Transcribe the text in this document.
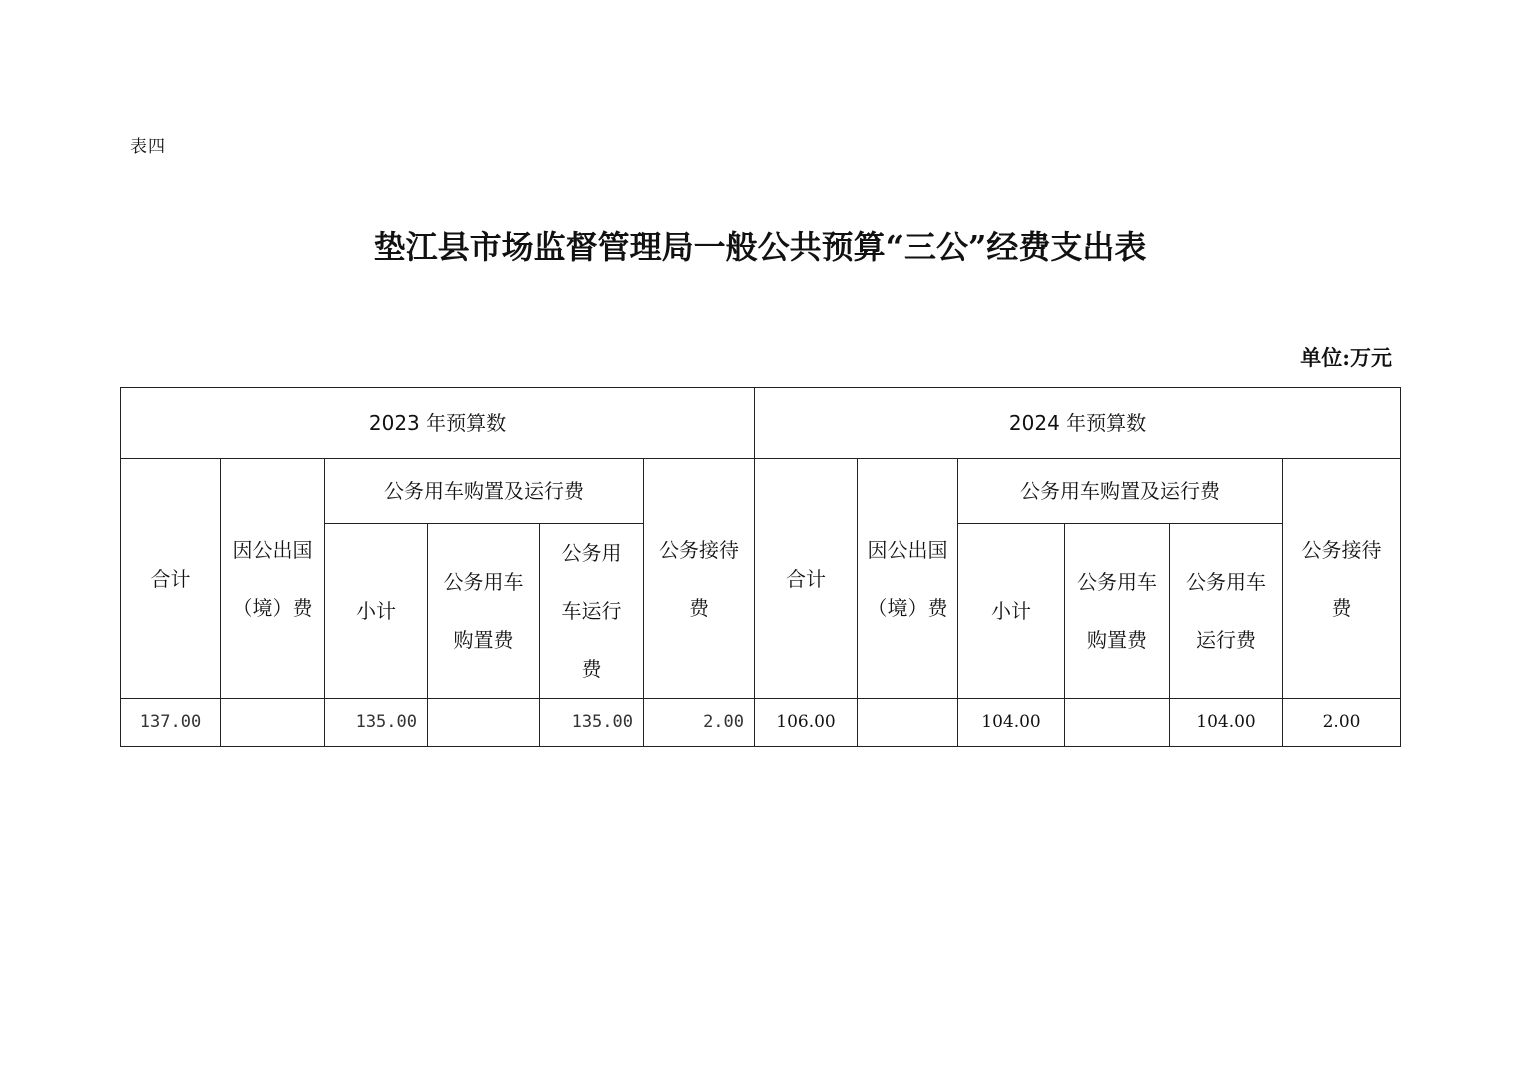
表四
垫江县市场监督管理局一般公共预算“三公”经费支出表
单位:万元
2023 年预算数						2024 年预算数					
合计	因公出国（境）费	公务用车购置及运行费			公务接待费	合计	因公出国（境）费	公务用车购置及运行费			公务接待费
		小计	公务用车购置费	公务用车运行费				小计	公务用车购置费	公务用车运行费	
137.00		135.00		135.00	2.00	106.00		104.00		104.00	2.00
